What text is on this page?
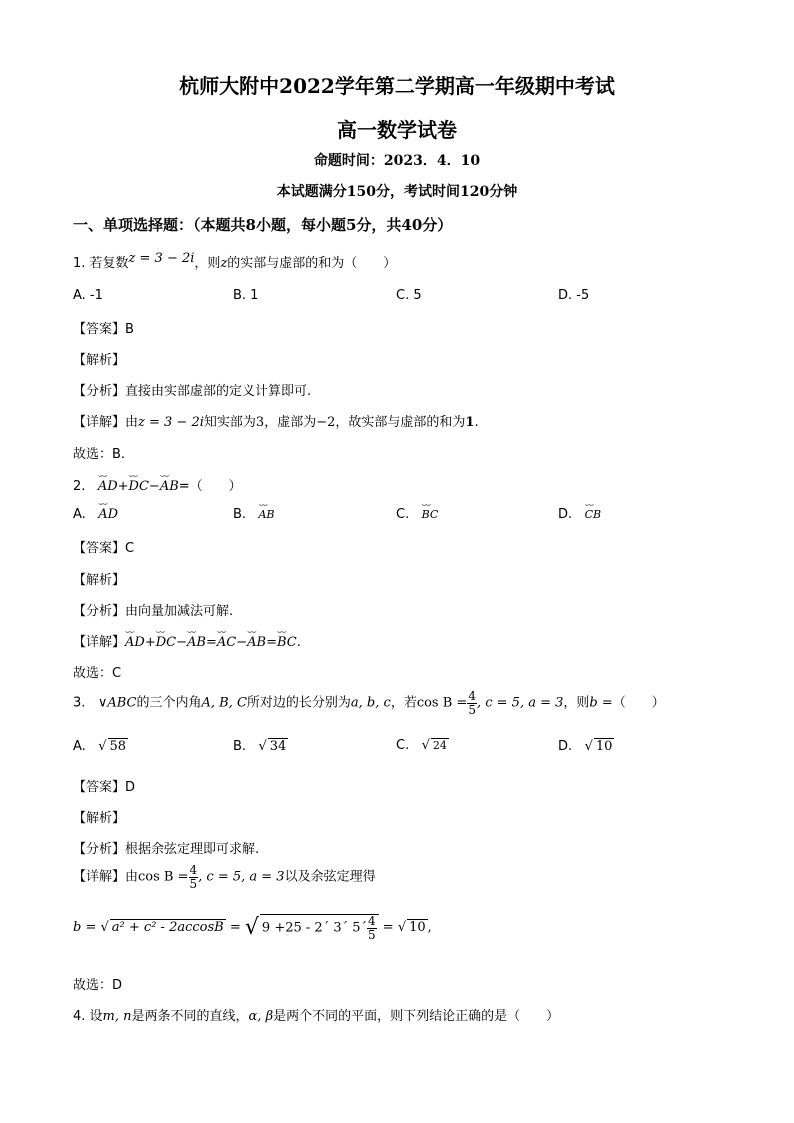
杭师大附中2022学年第二学期高一年级期中考试
高一数学试卷
命题时间：2023．4．10
本试题满分150分，考试时间120分钟
一、单项选择题：（本题共8小题，每小题5分，共40分）
1. 若复数z = 3 − 2i，则z的实部与虚部的和为（　　）
A. -1	B. 1	C. 5	D. -5
【答案】B
【解析】
【分析】直接由实部虚部的定义计算即可.
【详解】由z = 3 − 2i知实部为3，虚部为−2，故实部与虚部的和为1.
故选：B.
2. ⌣⌣ AD+⌣⌣ DC−⌣⌣ AB=（　　）
A. ⌣⌣ AD	B. ⌣⌣ AB	C. ⌣⌣ BC	D. ⌣⌣ CB
【答案】C
【解析】
【分析】由向量加减法可解.
【详解】⌣⌣ AD+⌣⌣ DC−⌣⌣ AB=⌣⌣ AC−⌣⌣ AB=⌣⌣ BC.
故选：C
3. ∨ABC的三个内角A, B, C所对边的长分别为a, b, c，若$\cos B = \frac{4}{5}$ , c = 5, a = 3，则b =（　　）
A. √ 58	B. √ 34	C. √ 24	D. √ 10
【答案】D
【解析】
【分析】根据余弦定理即可求解.
【详解】由$\cos B = \frac{4}{5}$ , c = 5, a = 3以及余弦定理得
b = √ a² + c² - 2accosB = √ 9 +25 - 2´ 3´ 5´ $\frac{4}{5}$ = √ 10 ,
故选：D
4. 设m, n是两条不同的直线，α, β是两个不同的平面，则下列结论正确的是（　　）
